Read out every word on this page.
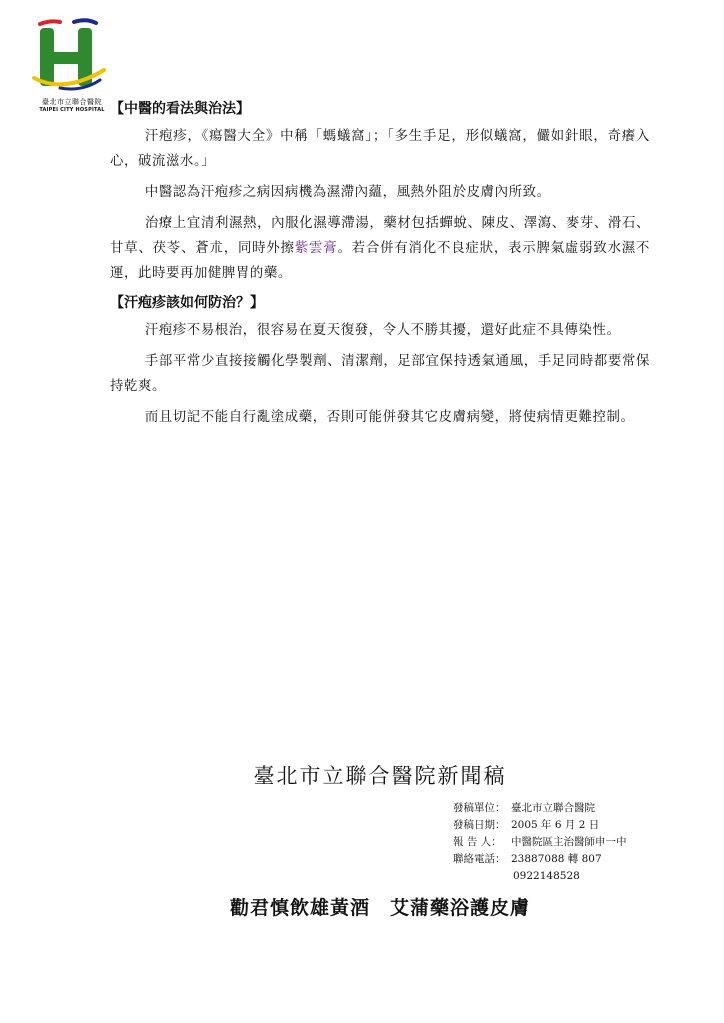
臺北市立聯合醫院
TAIPEI CITY HOSPITAL 【中醫的看法與治法】

汗疱疹，《瘍醫大全》中稱「螞蟻窩」；「多生手足，形似蟻窩，儼如針眼，奇癢入心，破流滋水。」

中醫認為汗疱疹之病因病機為濕滯內蘊，風熱外阻於皮膚內所致。

治療上宜清利濕熱，內服化濕導滯湯，藥材包括蟬蛻、陳皮、澤瀉、麥芽、滑石、甘草、茯苓、蒼朮，同時外擦紫雲膏。若合併有消化不良症狀，表示脾氣虛弱致水濕不運，此時要再加健脾胃的藥。

【汗疱疹該如何防治？】

汗疱疹不易根治，很容易在夏天復發，令人不勝其擾，還好此症不具傳染性。

手部平常少直接接觸化學製劑、清潔劑，足部宜保持透氣通風，手足同時都要常保持乾爽。

而且切記不能自行亂塗成藥，否則可能併發其它皮膚病變，將使病情更難控制。

臺北市立聯合醫院新聞稿
發稿單位： 臺北市立聯合醫院
發稿日期： 2005 年 6 月 2 日
報 告 人： 中醫院區主治醫師申一中
聯絡電話： 23887088 轉 807
0922148528
勸君慎飲雄黃酒　艾蒲藥浴護皮膚
